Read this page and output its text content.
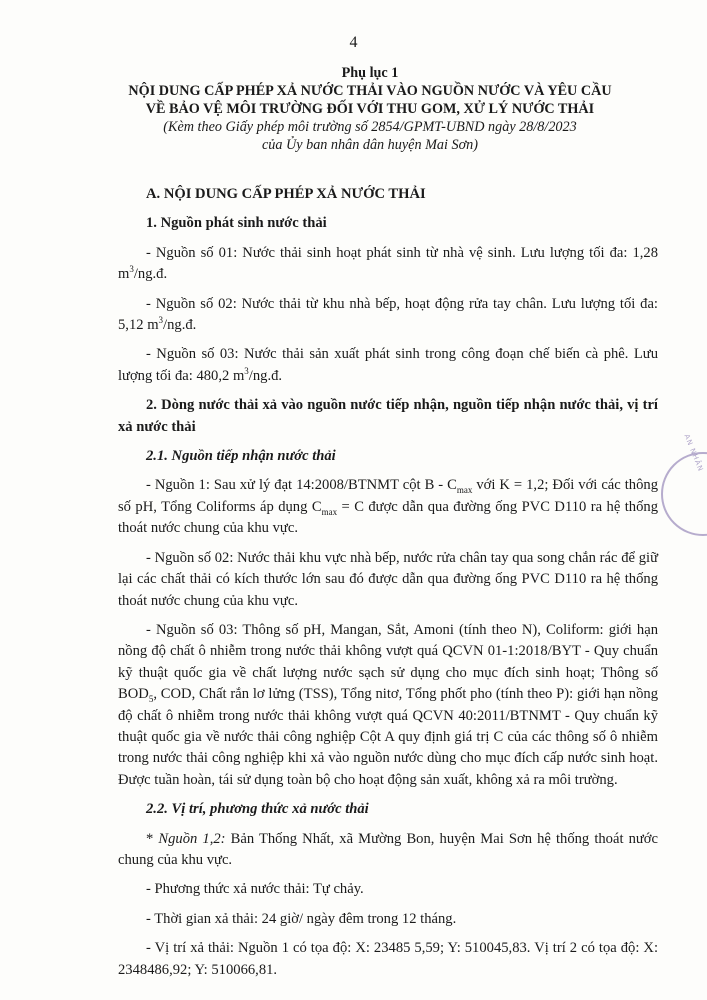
4
Phụ lục 1
NỘI DUNG CẤP PHÉP XẢ NƯỚC THẢI VÀO NGUỒN NƯỚC VÀ YÊU CẦU
VỀ BẢO VỆ MÔI TRƯỜNG ĐỐI VỚI THU GOM, XỬ LÝ NƯỚC THẢI
(Kèm theo Giấy phép môi trường số 2854/GPMT-UBND ngày 28/8/2023
của Ủy ban nhân dân huyện Mai Sơn)

A. NỘI DUNG CẤP PHÉP XẢ NƯỚC THẢI

1. Nguồn phát sinh nước thải

- Nguồn số 01: Nước thải sinh hoạt phát sinh từ nhà vệ sinh. Lưu lượng tối đa: 1,28 $m^3/ng.đ$.

- Nguồn số 02: Nước thải từ khu nhà bếp, hoạt động rửa tay chân. Lưu lượng tối đa: 5,12 $m^3/ng.đ$.

- Nguồn số 03: Nước thải sản xuất phát sinh trong công đoạn chế biến cà phê. Lưu lượng tối đa: 480,2 $m^3/ng.đ$.

2. Dòng nước thải xả vào nguồn nước tiếp nhận, nguồn tiếp nhận nước thải, vị trí xả nước thải

2.1. Nguồn tiếp nhận nước thải

- Nguồn 1: Sau xử lý đạt 14:2008/BTNMT cột B - $C_{max}$ với K = 1,2; Đối với các thông số pH, Tổng Coliforms áp dụng $C_{max} = C$ được dẫn qua đường ống PVC D110 ra hệ thống thoát nước chung của khu vực.

- Nguồn số 02: Nước thải khu vực nhà bếp, nước rửa chân tay qua song chắn rác để giữ lại các chất thải có kích thước lớn sau đó được dẫn qua đường ống PVC D110 ra hệ thống thoát nước chung của khu vực.

- Nguồn số 03: Thông số pH, Mangan, Sắt, Amoni (tính theo N), Coliform: giới hạn nồng độ chất ô nhiễm trong nước thải không vượt quá QCVN 01-1:2018/BYT - Quy chuẩn kỹ thuật quốc gia về chất lượng nước sạch sử dụng cho mục đích sinh hoạt; Thông số $BOD_5$, COD, Chất rắn lơ lửng (TSS), Tổng nitơ, Tổng phốt pho (tính theo P): giới hạn nồng độ chất ô nhiễm trong nước thải không vượt quá QCVN 40:2011/BTNMT - Quy chuẩn kỹ thuật quốc gia về nước thải công nghiệp Cột A quy định giá trị C của các thông số ô nhiễm trong nước thải công nghiệp khi xả vào nguồn nước dùng cho mục đích cấp nước sinh hoạt. Được tuần hoàn, tái sử dụng toàn bộ cho hoạt động sản xuất, không xả ra môi trường.

2.2. Vị trí, phương thức xả nước thải

* Nguồn 1,2: Bản Thống Nhất, xã Mường Bon, huyện Mai Sơn hệ thống thoát nước chung của khu vực.

- Phương thức xả nước thải: Tự chảy.

- Thời gian xả thải: 24 giờ/ ngày đêm trong 12 tháng.

- Vị trí xả thải: Nguồn 1 có tọa độ: X: 23485 5,59; Y: 510045,83. Vị trí 2 có tọa độ: X: 2348486,92; Y: 510066,81.

AN NHÂN
